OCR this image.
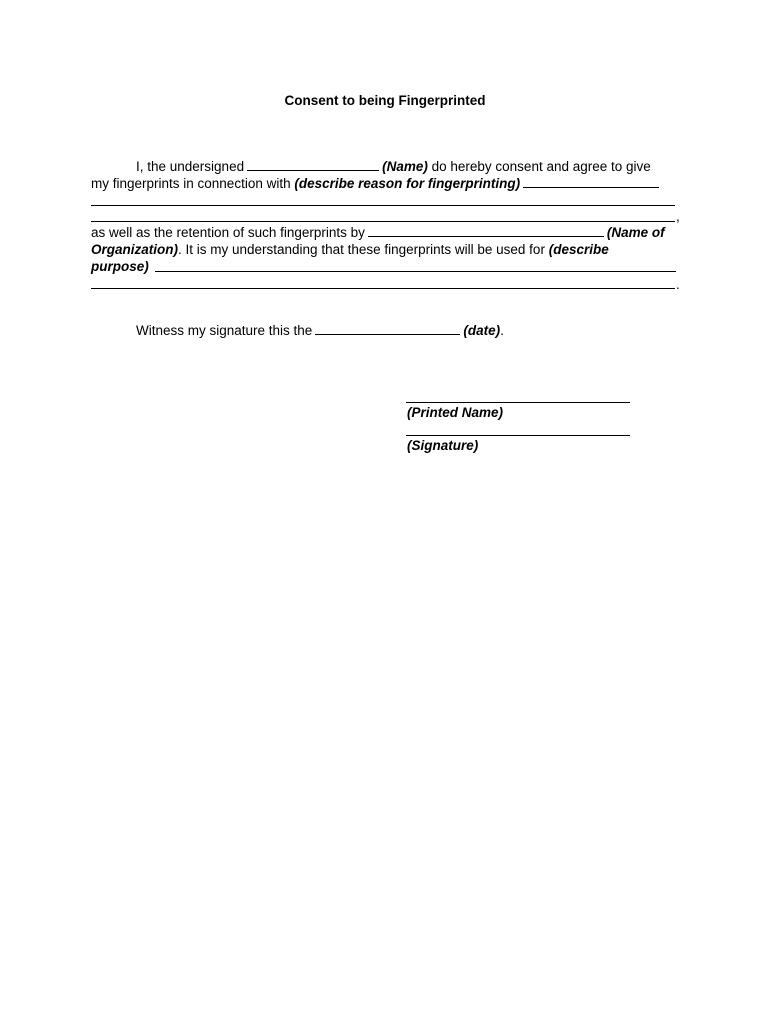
Consent to being Fingerprinted
I, the undersigned	(Name) do hereby consent and agree to give
my fingerprints in connection with (describe reason for fingerprinting)
,
as well as the retention of such fingerprints by	(Name of
Organization). It is my understanding that these fingerprints will be used for (describe
purpose)
.
Witness my signature this the	(date).
(Printed Name)
(Signature)
